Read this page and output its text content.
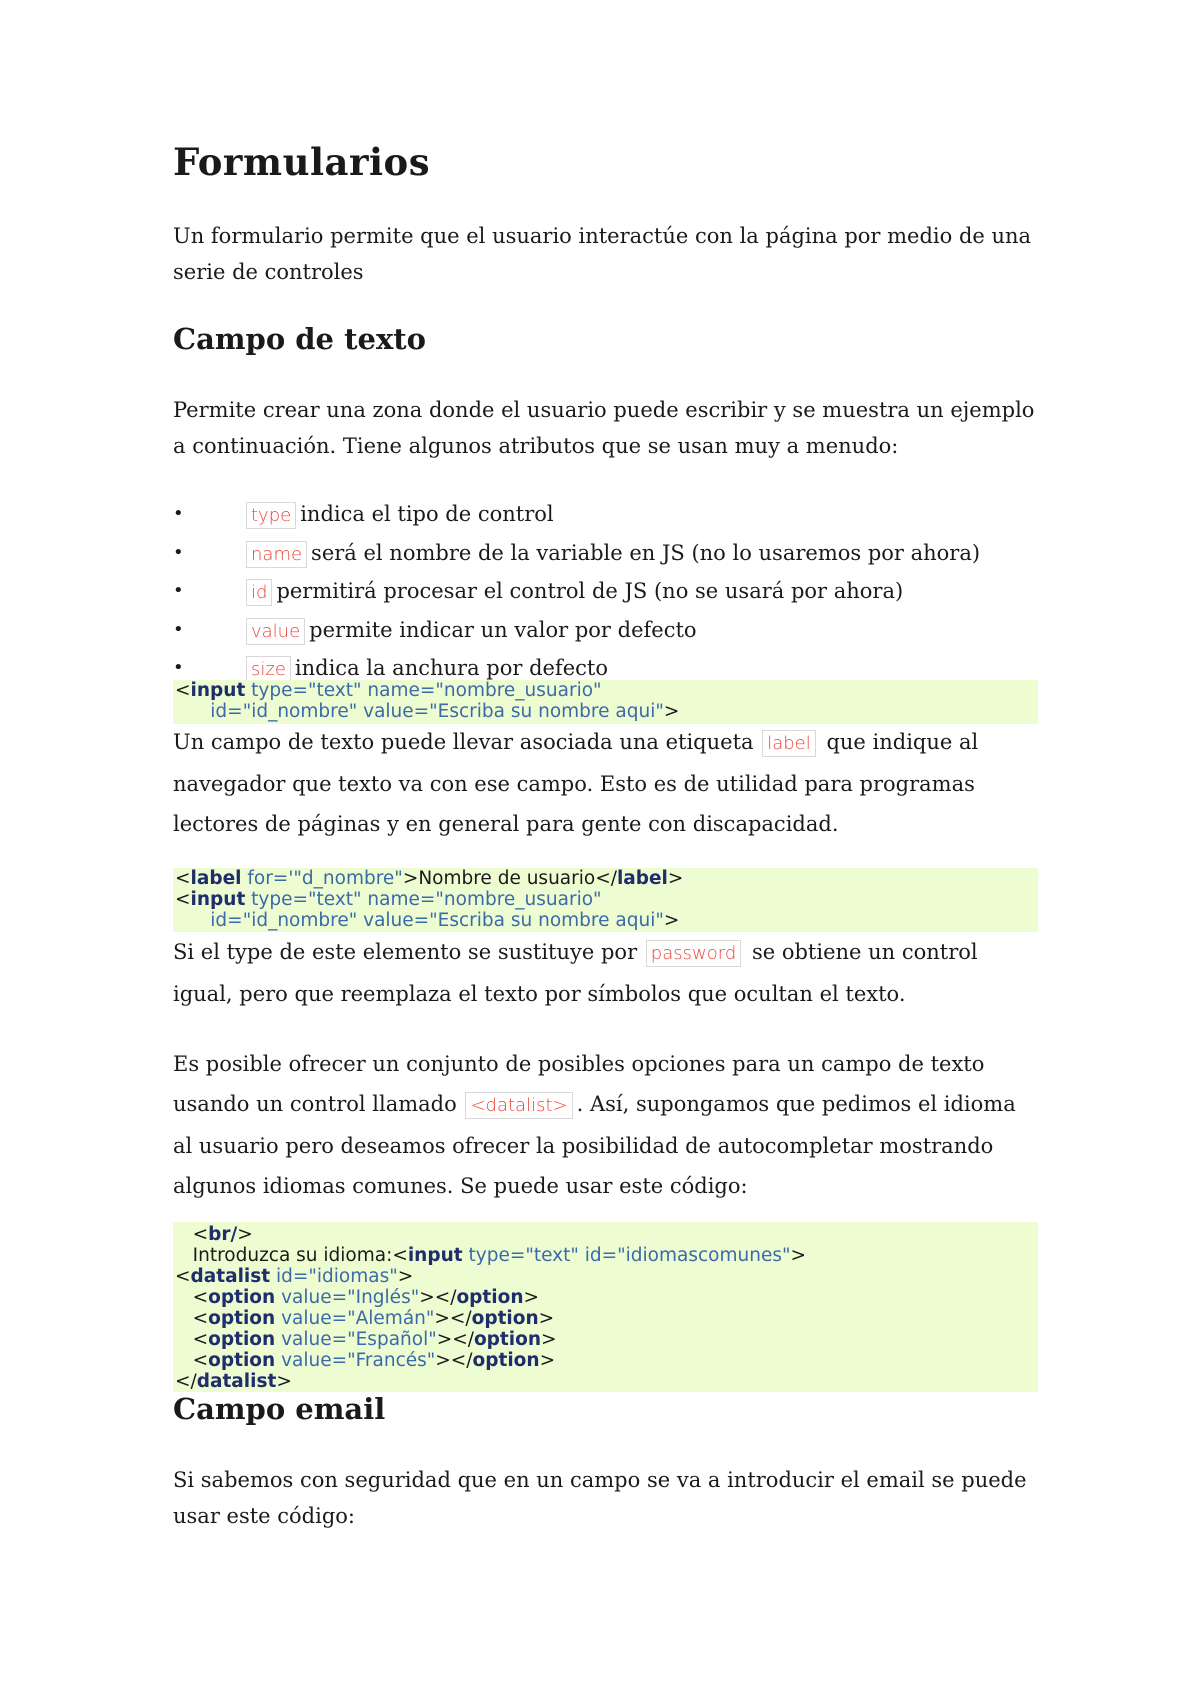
Formularios

Un formulario permite que el usuario interactúe con la página por medio de una serie de controles

Campo de texto

Permite crear una zona donde el usuario puede escribir y se muestra un ejemplo a continuación. Tiene algunos atributos que se usan muy a menudo:

•	type indica el tipo de control
•	name será el nombre de la variable en JS (no lo usaremos por ahora)
•	id permitirá procesar el control de JS (no se usará por ahora)
•	value permite indicar un valor por defecto
•	size indica la anchura por defecto
<input type="text" name="nombre_usuario"
id="id_nombre" value="Escriba su nombre aqui">

Un campo de texto puede llevar asociada una etiqueta label que indique al navegador que texto va con ese campo. Esto es de utilidad para programas lectores de páginas y en general para gente con discapacidad.

<label for='"d_nombre">Nombre de usuario</label>
<input type="text" name="nombre_usuario"
id="id_nombre" value="Escriba su nombre aqui">

Si el type de este elemento se sustituye por password se obtiene un control igual, pero que reemplaza el texto por símbolos que ocultan el texto.

Es posible ofrecer un conjunto de posibles opciones para un campo de texto usando un control llamado <datalist> . Así, supongamos que pedimos el idioma al usuario pero deseamos ofrecer la posibilidad de autocompletar mostrando algunos idiomas comunes. Se puede usar este código:

<br/>
Introduzca su idioma:<input type="text" id="idiomascomunes">
<datalist id="idiomas">
<option value="Inglés"></option>
<option value="Alemán"></option>
<option value="Español"></option>
<option value="Francés"></option>
</datalist>
Campo email

Si sabemos con seguridad que en un campo se va a introducir el email se puede usar este código:
